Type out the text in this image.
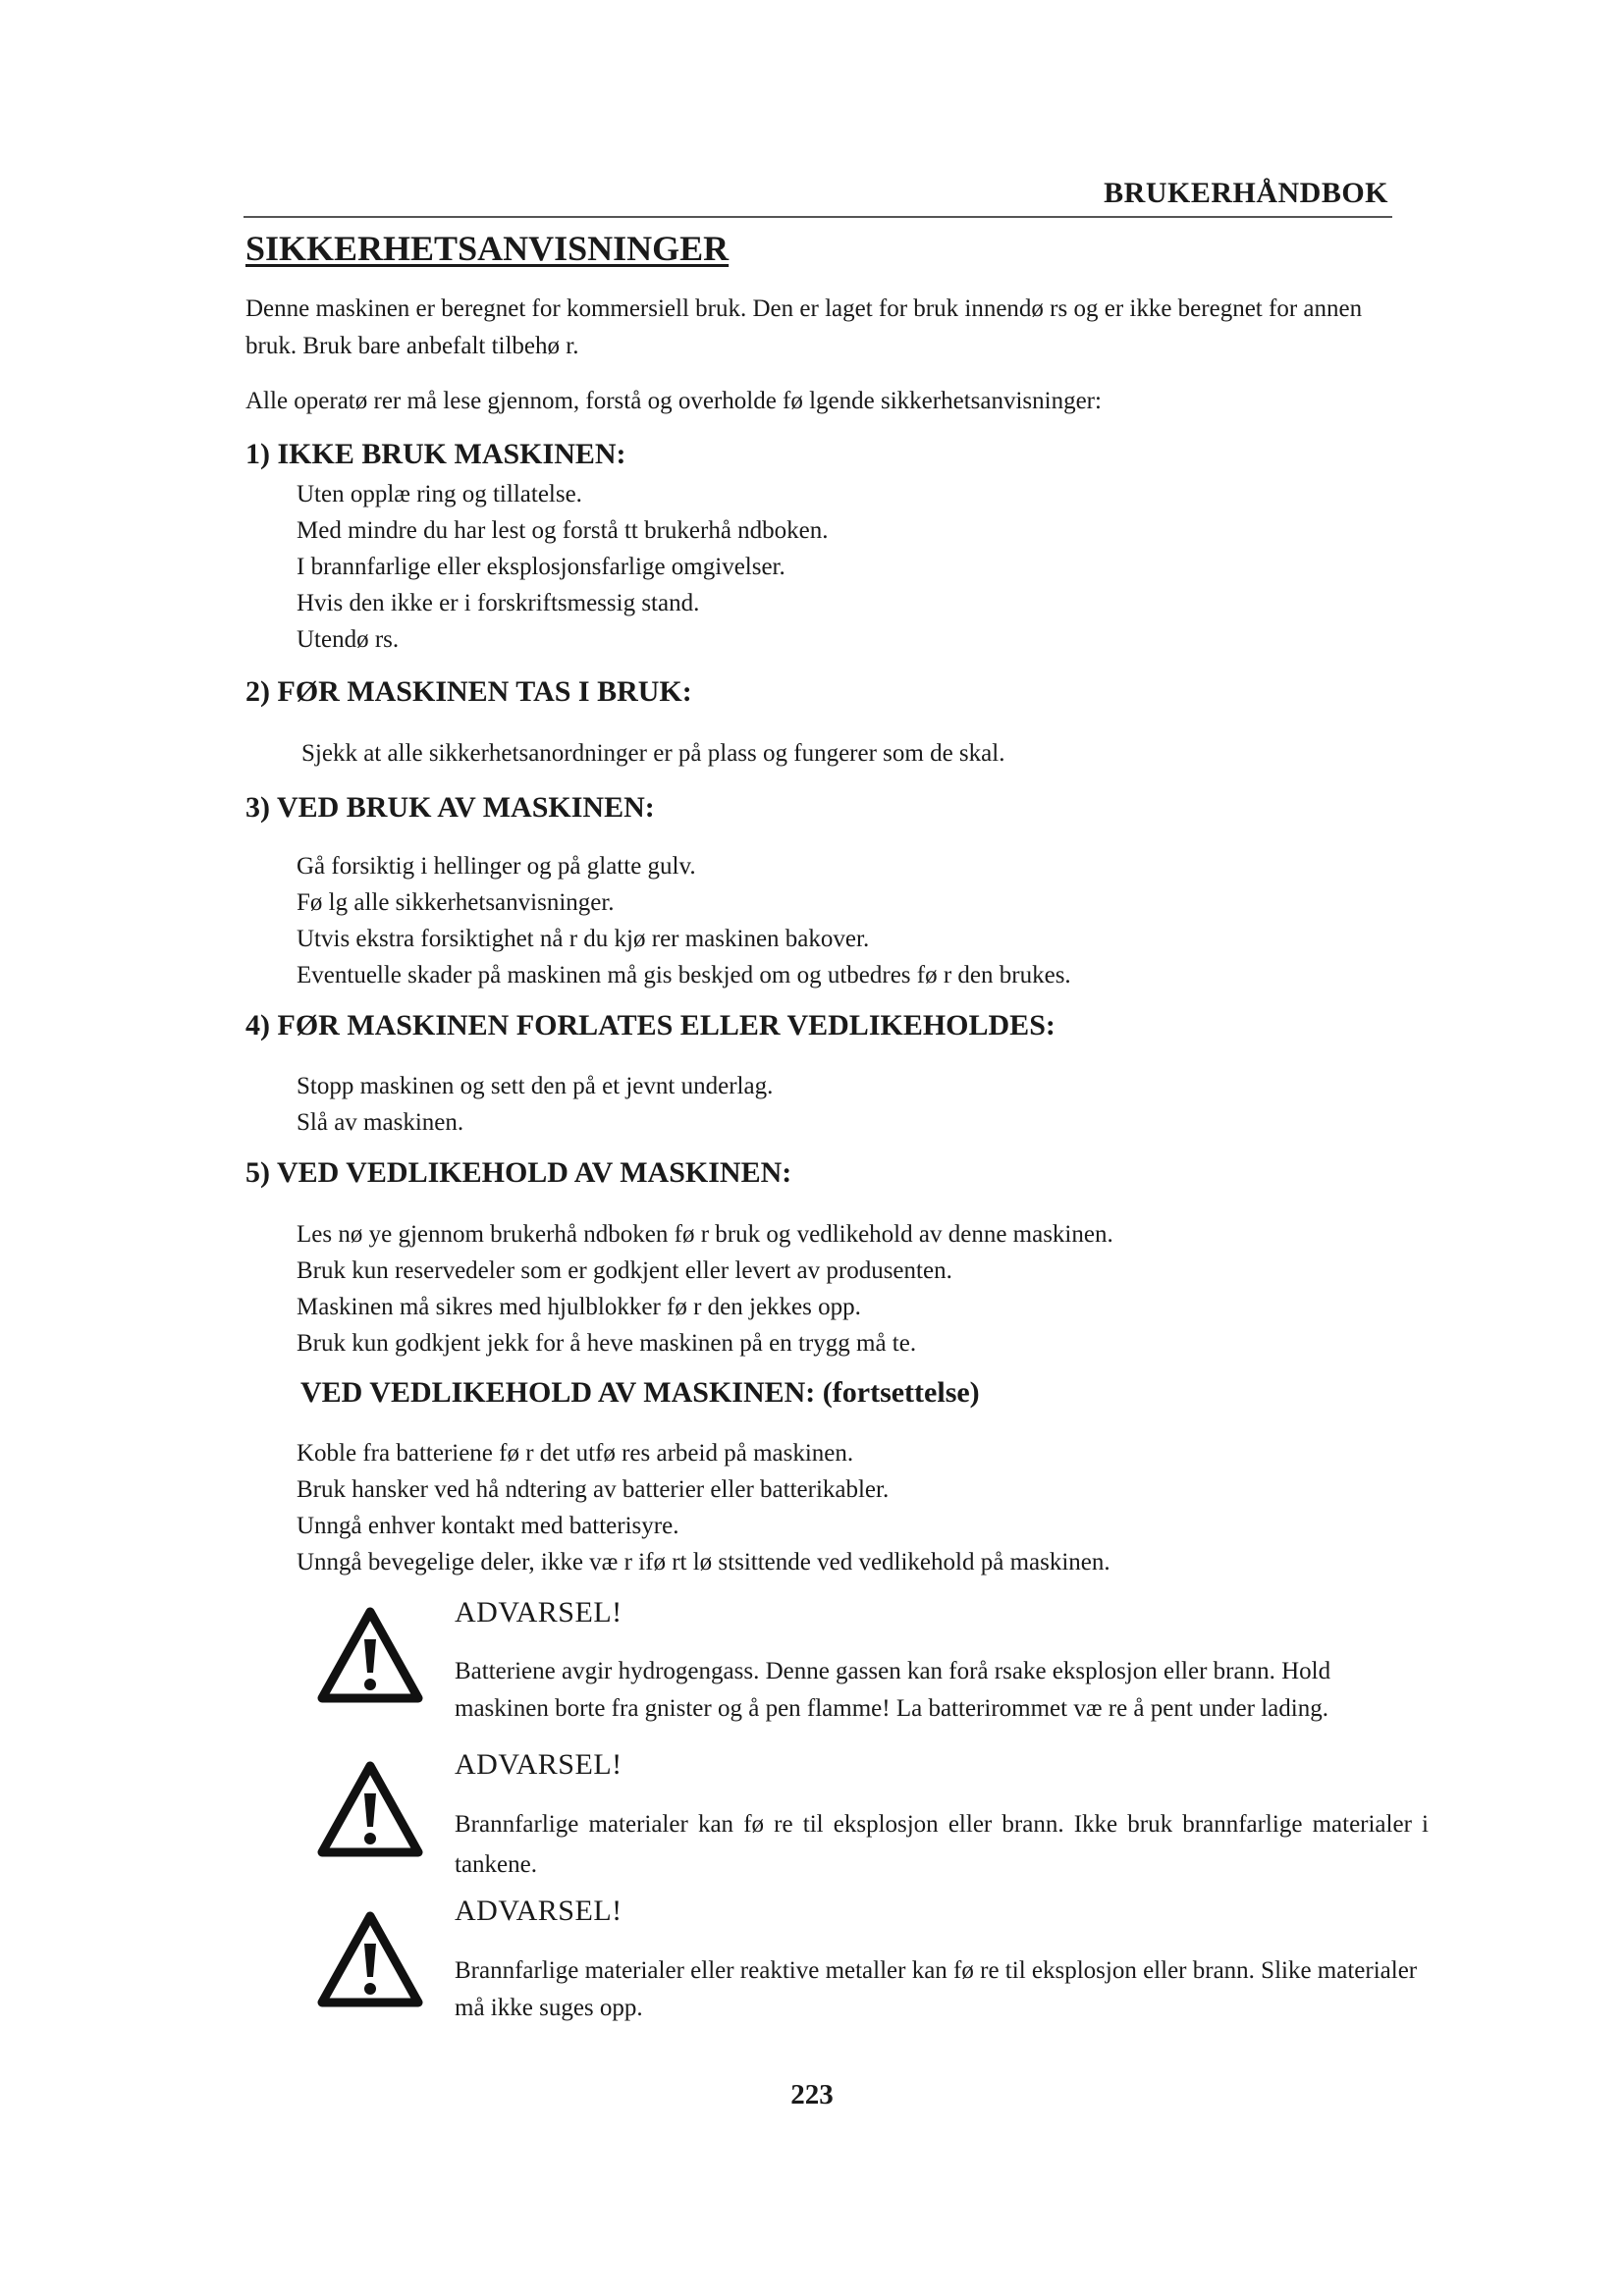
BRUKERHÅNDBOK
SIKKERHETSANVISNINGER

Denne maskinen er beregnet for kommersiell bruk. Den er laget for bruk innendø rs og er ikke beregnet for annen bruk. Bruk bare anbefalt tilbehø r.

Alle operatø rer må lese gjennom, forstå og overholde fø lgende sikkerhetsanvisninger:

1) IKKE BRUK MASKINEN:
Uten opplæ ring og tillatelse.
Med mindre du har lest og forstå tt brukerhå ndboken.
I brannfarlige eller eksplosjonsfarlige omgivelser.
Hvis den ikke er i forskriftsmessig stand.
Utendø rs.
2) FØR MASKINEN TAS I BRUK:
Sjekk at alle sikkerhetsanordninger er på plass og fungerer som de skal.
3) VED BRUK AV MASKINEN:
Gå forsiktig i hellinger og på glatte gulv.
Fø lg alle sikkerhetsanvisninger.
Utvis ekstra forsiktighet nå r du kjø rer maskinen bakover.
Eventuelle skader på maskinen må gis beskjed om og utbedres fø r den brukes.
4) FØR MASKINEN FORLATES ELLER VEDLIKEHOLDES:
Stopp maskinen og sett den på et jevnt underlag.
Slå av maskinen.
5) VED VEDLIKEHOLD AV MASKINEN:
Les nø ye gjennom brukerhå ndboken fø r bruk og vedlikehold av denne maskinen.
Bruk kun reservedeler som er godkjent eller levert av produsenten.
Maskinen må sikres med hjulblokker fø r den jekkes opp.
Bruk kun godkjent jekk for å heve maskinen på en trygg må te.
VED VEDLIKEHOLD AV MASKINEN: (fortsettelse)
Koble fra batteriene fø r det utfø res arbeid på maskinen.
Bruk hansker ved hå ndtering av batterier eller batterikabler.
Unngå enhver kontakt med batterisyre.
Unngå bevegelige deler, ikke væ r ifø rt lø stsittende ved vedlikehold på maskinen.
ADVARSEL!
Batteriene avgir hydrogengass. Denne gassen kan forå rsake eksplosjon eller brann. Hold maskinen borte fra gnister og å pen flamme! La batterirommet væ re å pent under lading.
ADVARSEL!
Brannfarlige materialer kan fø re til eksplosjon eller brann. Ikke bruk brannfarlige materialer i tankene.
ADVARSEL!
Brannfarlige materialer eller reaktive metaller kan fø re til eksplosjon eller brann. Slike materialer må ikke suges opp.
223
